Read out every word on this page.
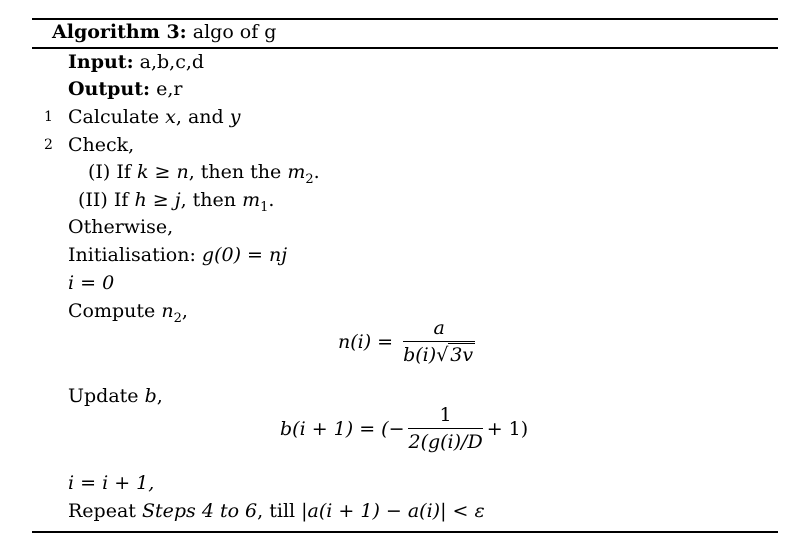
Algorithm 3: algo of g
Input: a,b,c,d
Output: e,r
1 Calculate x, and y
2 Check,
(I) If k ≥ n, then the $m_2$.
(II) If h ≥ j, then $m_1$.
Otherwise,
Initialisation: g(0) = nj
i = 0
Compute $n_2$,
$n(i) = \frac{a}{b(i)√ 3v}$
Update b,
b(i + 1) = (− $\frac{1}{2(g(i)/D} + 1$)
i = i + 1,
Repeat Steps 4 to 6, till |a(i + 1) − a(i)| < ε
